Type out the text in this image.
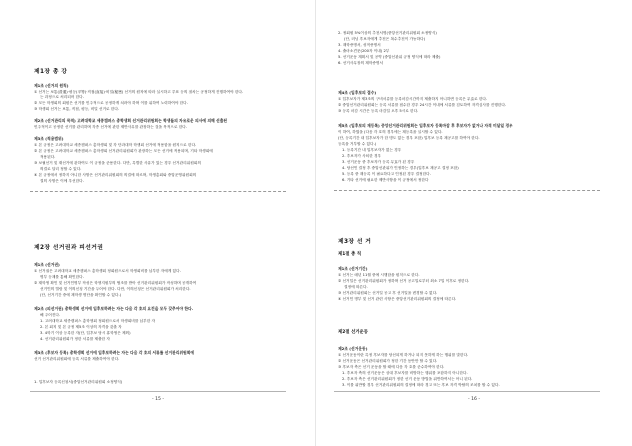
제1장 총 강
제1조 (선거의 원칙)
① 선거는 보통(普通)·평등(平等)·직접(直接)·비밀(秘密) 선거의 원칙에 따라 실시하고 투표 등의 절차는 공정하게 진행하여야 한다.
는 과정으로 처리되어 한다.
② 모든 학생회의 회원은 선거를 민주적으로 공정하게 치러야 하며 이를 위하여 노력하여야 한다.
③ 학생회 선거는 보통, 직접, 평등, 비밀 선거로 한다.
제2조 (선거관리의 목적) 고려대학교 세종캠퍼스 총학생회 선거관리위원회는 학생들의 자유로운 의사에 의해 선출된
민주적이고 공정한 선거를 관리하며 각종 선거에 관한 제반사무를 관장하는 것을 목적으로 한다.
제3조 (적용범위)
① 본 규정은 고려대학교 세종캠퍼스 총학생회 및 각 단과대학 학생회 선거에 적용함을 원칙으로 한다.
② 본 규정은 고려대학교 세종캠퍼스 총학생회 선거관리위원회가 관장하는 모든 선거에 적용되며, 기타 학생회에
적용된다.
③ 보궐선거 및 재선거에 관하여도 이 규정을 준용한다. 다만, 특별한 사유가 있는 경우 선거관리위원회의
의결로 달리 정할 수 있다.
④ 본 규정에서 정하지 아니한 사항은 선거관리위원회의 의결에 따르며, 학생총회와 중앙운영위원회의
결의 사항은 이에 우선한다.
제2장 선거권과 피선거권
제1조 (선거권)
① 선거권은 고려대학교 세종캠퍼스 총학생회 정회원으로서 학생회비를 납부한 자에게 있다.
명부 등재를 통해 확인한다.
② 재학생 확인 및 선거인명부 작성은 학생지원부의 협조를 받아 선거관리위원회가 작성하며 공개하여
선거인의 열람 및 이의신청 기간을 두어야 한다. 다만, 이의신청은 선거관리위원회가 처리한다.
(단, 선거기간 중에 재학생 명단을 확인할 수 있다.)
제2조 (피선거권) 총학생회 선거에 입후보하려는 자는 다음 각 호의 요건을 모두 갖추어야 한다.
해 주어진다.
1. 고려대학교 세종캠퍼스 총학생회 정회원으로서 학생회비를 납부한 자
2. 본 회칙 및 본 규정 제5조 이상의 자격을 갖춘 자
3. 4학기 이상 등록한 자(단, 입후보 당시 휴학생은 제외)
4. 선거관리위원회가 정한 서류를 제출한 자
제3조 (후보자 등록) 총학생회 선거에 입후보하려는 자는 다음 각 호의 서류를 선거관리위원회에
선거 선거관리위원회에 등록 서류를 제출하여야 한다.
1. 입후보자 등록신청서(중앙선거관리위원회 소정양식)
- 15 -
2. 정회원 5%이상의 추천서명(중앙선거관리위원회 소정양식)
(단, 러닝 후보자에게 추천은 복수추천이 가능하다)
3. 재학증명서, 성적증명서
4. 출마소견문(200자 이내) 2부
5. 선거운동 계획서 및 공약 (중앙선관위 규정 양식에 따라 제출)
6. 선거사무장의 재학증명서
제4조 (입후보의 접수)
① 입후보자가 제3조의 구비서류를 등록마감시간까지 제출하지 아니하면 등록은 무효로 한다.
② 중앙선거관리위원회는 등록 서류를 접수한 경우 24시간 이내에 서류를 검토하여 자격심사를 진행한다.
③ 등록 마감 시간은 등록 마감일 오후 5시로 한다.
제5조 (입후보의 재등록) 중앙선거관리위원회는 입후보자 등록마감 후 후보자가 없거나 자격 미달일 경우
이 하여, 하였을 (다음 각 호의 경우에는 재등록을 실시할 수 있다.
(단, 등록기간 내 입후보자가 한 명도 없는 경우 포함) 입후보 등록 재공고를 하여야 한다.
등록을 거부할 수 있다.)
1. 등록기간 내 입후보자가 없는 경우
2. 후보자가 사퇴한 경우
3. 선거운동 중 후보자가 등록 무효가 된 경우
4. 당선인 결정 후 중앙선관위가 인정하는 경우(입후보 재공고 결정 포함)
5. 등록 중 재등록 이 필요하다고 인정된 경우 결정한다.
6. 기타 선거에 필요한 제반사항을 이 규정에서 정한다
제3장 선 거
제1절 총 칙
제1조 (선거기간)
① 선거는 매년 11월 중에 시행함을 원칙으로 한다.
② 선거일은 선거관리위원회가 정하며 선거 공고일로부터 최소 7일 이후로 정한다.
결정에 따른다.
③ 선거관리위원회는 선거일 공고 후 선거일을 변경할 수 없다.
④ 선거인 명부 및 선거 관련 사항은 중앙선거관리위원회의 결정에 따른다.
제2절 선거운동
제2조 (선거운동)
① 선거운동이란 특정 후보자를 당선되게 하거나 되지 못하게 하는 행위를 말한다.
② 선거운동은 선거관리위원회가 정한 기간 동안만 할 수 있다.
③ 후보자 측은 선거 운동을 할 때에 다음 각 호를 준수하여야 한다.
1. 후보자 측의 선거운동은 상대 후보자를 비방하는 행위를 포함하지 아니한다.
2. 후보자 측은 선거관리위원회가 정한 선거 운동 방법을 위반하여서는 아니 된다.
3. 이를 위반할 경우 선거관리위원회의 결정에 따라 경고 또는 후보 자격 박탈의 조치를 할 수 있다.
- 16 -
